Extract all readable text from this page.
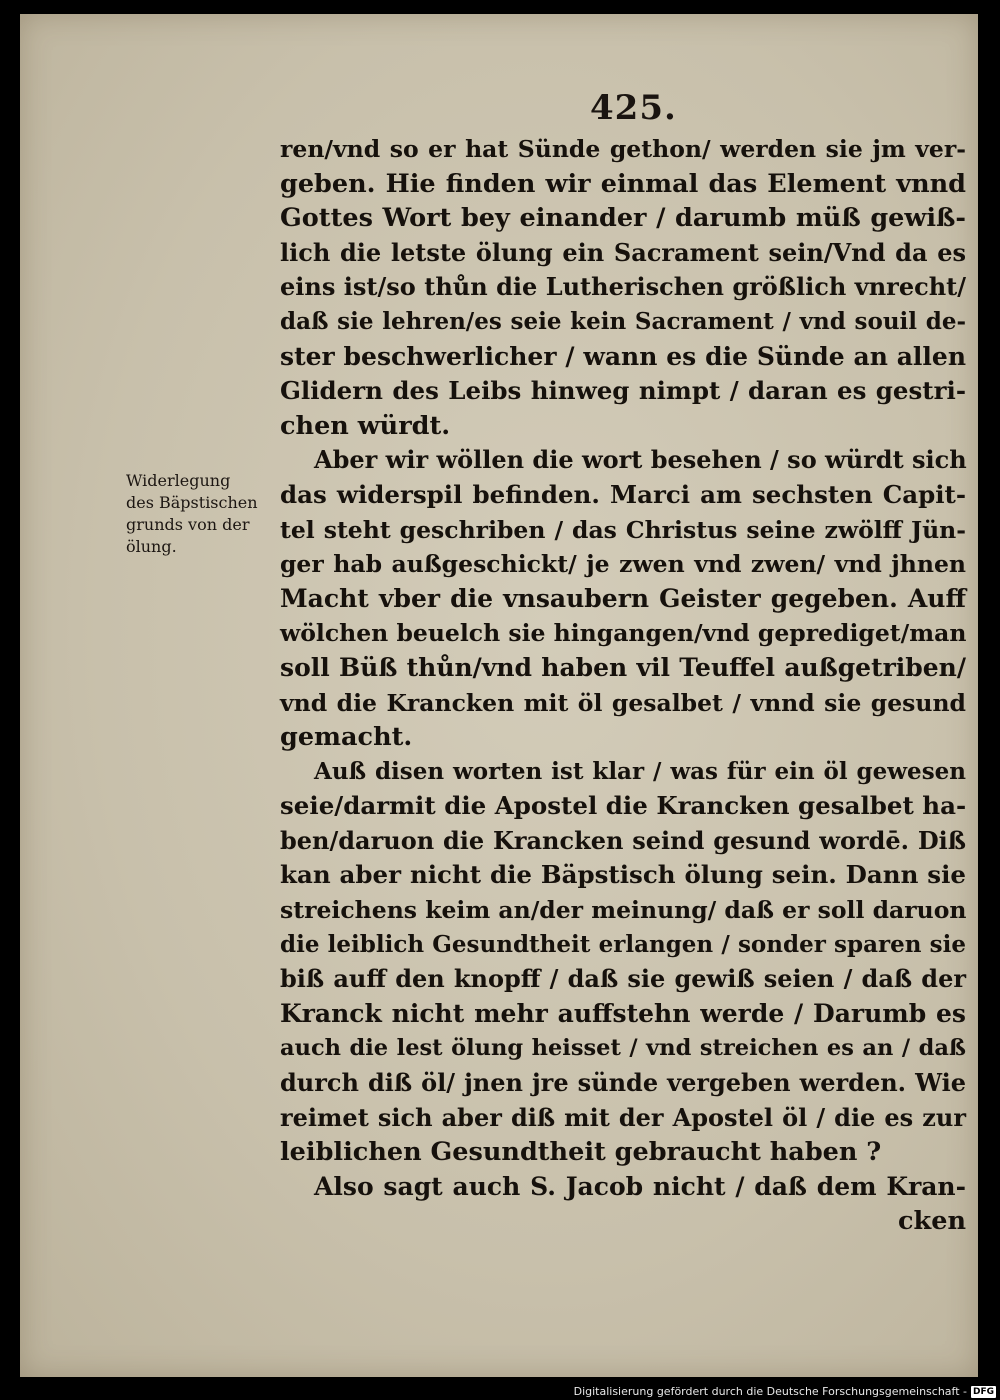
425.
Widerlegung
des Bäpstischen
grunds von der
ölung.
ren/vnd so er hat Sünde gethon/ werden sie jm ver-
geben. Hie finden wir einmal das Element vnnd
Gottes Wort bey einander / darumb müß gewiß-
lich die letste ölung ein Sacrament sein/Vnd da es
eins ist/so thůn die Lutherischen größlich vnrecht/
daß sie lehren/es seie kein Sacrament / vnd souil de-
ster beschwerlicher / wann es die Sünde an allen
Glidern des Leibs hinweg nimpt / daran es gestri-
chen würdt.
Aber wir wöllen die wort besehen / so würdt sich
das widerspil befinden. Marci am sechsten Capit-
tel steht geschriben / das Christus seine zwölff Jün-
ger hab außgeschickt/ je zwen vnd zwen/ vnd jhnen
Macht vber die vnsaubern Geister gegeben. Auff
wölchen beuelch sie hingangen/vnd geprediget/man
soll Büß thůn/vnd haben vil Teuffel außgetriben/
vnd die Krancken mit öl gesalbet / vnnd sie gesund
gemacht.
Auß disen worten ist klar / was für ein öl gewesen
seie/darmit die Apostel die Krancken gesalbet ha-
ben/daruon die Krancken seind gesund wordē. Diß
kan aber nicht die Bäpstisch ölung sein. Dann sie
streichens keim an/der meinung/ daß er soll daruon
die leiblich Gesundtheit erlangen / sonder sparen sie
biß auff den knopff / daß sie gewiß seien / daß der
Kranck nicht mehr auffstehn werde / Darumb es
auch die lest ölung heisset / vnd streichen es an / daß
durch diß öl/ jnen jre sünde vergeben werden. Wie
reimet sich aber diß mit der Apostel öl / die es zur
leiblichen Gesundtheit gebraucht haben ?
Also sagt auch S. Jacob nicht / daß dem Kran-
cken
Digitalisierung gefördert durch die Deutsche Forschungsgemeinschaft - DFG
